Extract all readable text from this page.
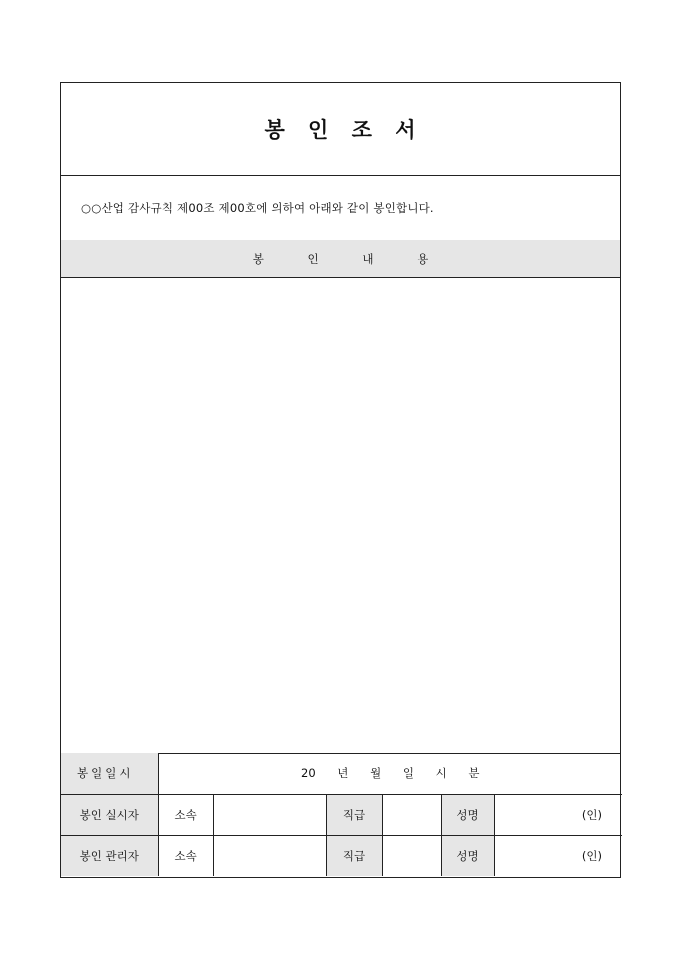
봉 인 조 서
○○산업 감사규칙 제00조 제00호에 의하여 아래와 같이 봉인합니다.
봉 인 내 용
봉일일시	20 년 월 일 시 분					
봉인 실시자	소속		직급		성명	(인)
봉인 관리자	소속		직급		성명	(인)
